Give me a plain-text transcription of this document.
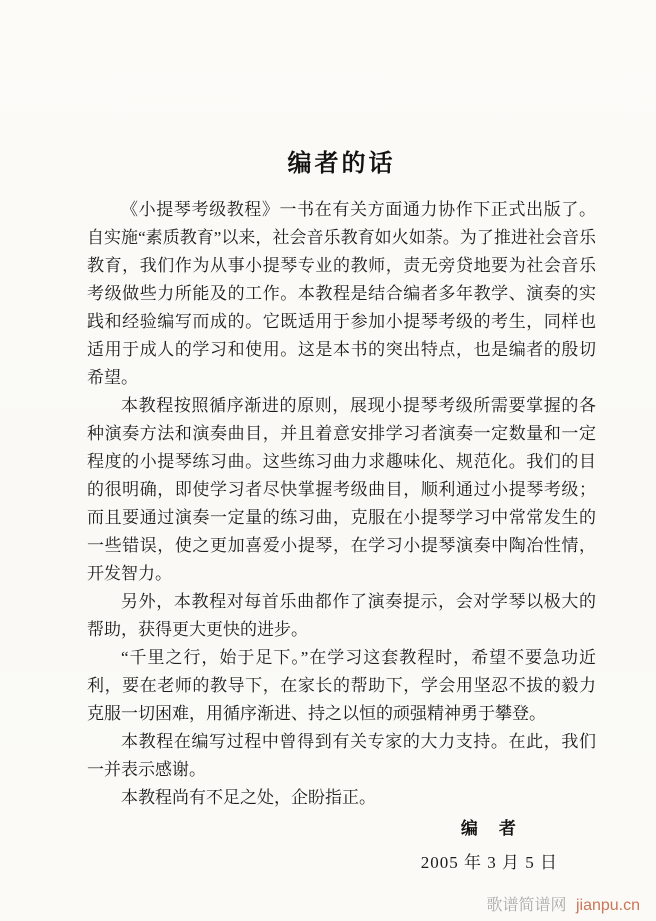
编者的话

《小提琴考级教程》一书在有关方面通力协作下正式出版了。自实施“素质教育”以来，社会音乐教育如火如荼。为了推进社会音乐教育，我们作为从事小提琴专业的教师，责无旁贷地要为社会音乐考级做些力所能及的工作。本教程是结合编者多年教学、演奏的实践和经验编写而成的。它既适用于参加小提琴考级的考生，同样也适用于成人的学习和使用。这是本书的突出特点，也是编者的殷切希望。

本教程按照循序渐进的原则，展现小提琴考级所需要掌握的各种演奏方法和演奏曲目，并且着意安排学习者演奏一定数量和一定程度的小提琴练习曲。这些练习曲力求趣味化、规范化。我们的目的很明确，即使学习者尽快掌握考级曲目，顺利通过小提琴考级；而且要通过演奏一定量的练习曲，克服在小提琴学习中常常发生的一些错误，使之更加喜爱小提琴，在学习小提琴演奏中陶冶性情，开发智力。

另外，本教程对每首乐曲都作了演奏提示，会对学琴以极大的帮助，获得更大更快的进步。

“千里之行，始于足下。”在学习这套教程时，希望不要急功近利，要在老师的教导下，在家长的帮助下，学会用坚忍不拔的毅力克服一切困难，用循序渐进、持之以恒的顽强精神勇于攀登。

本教程在编写过程中曾得到有关专家的大力支持。在此，我们一并表示感谢。

本教程尚有不足之处，企盼指正。

编　者
2005 年 3 月 5 日
歌谱简谱网 jianpu.cn
